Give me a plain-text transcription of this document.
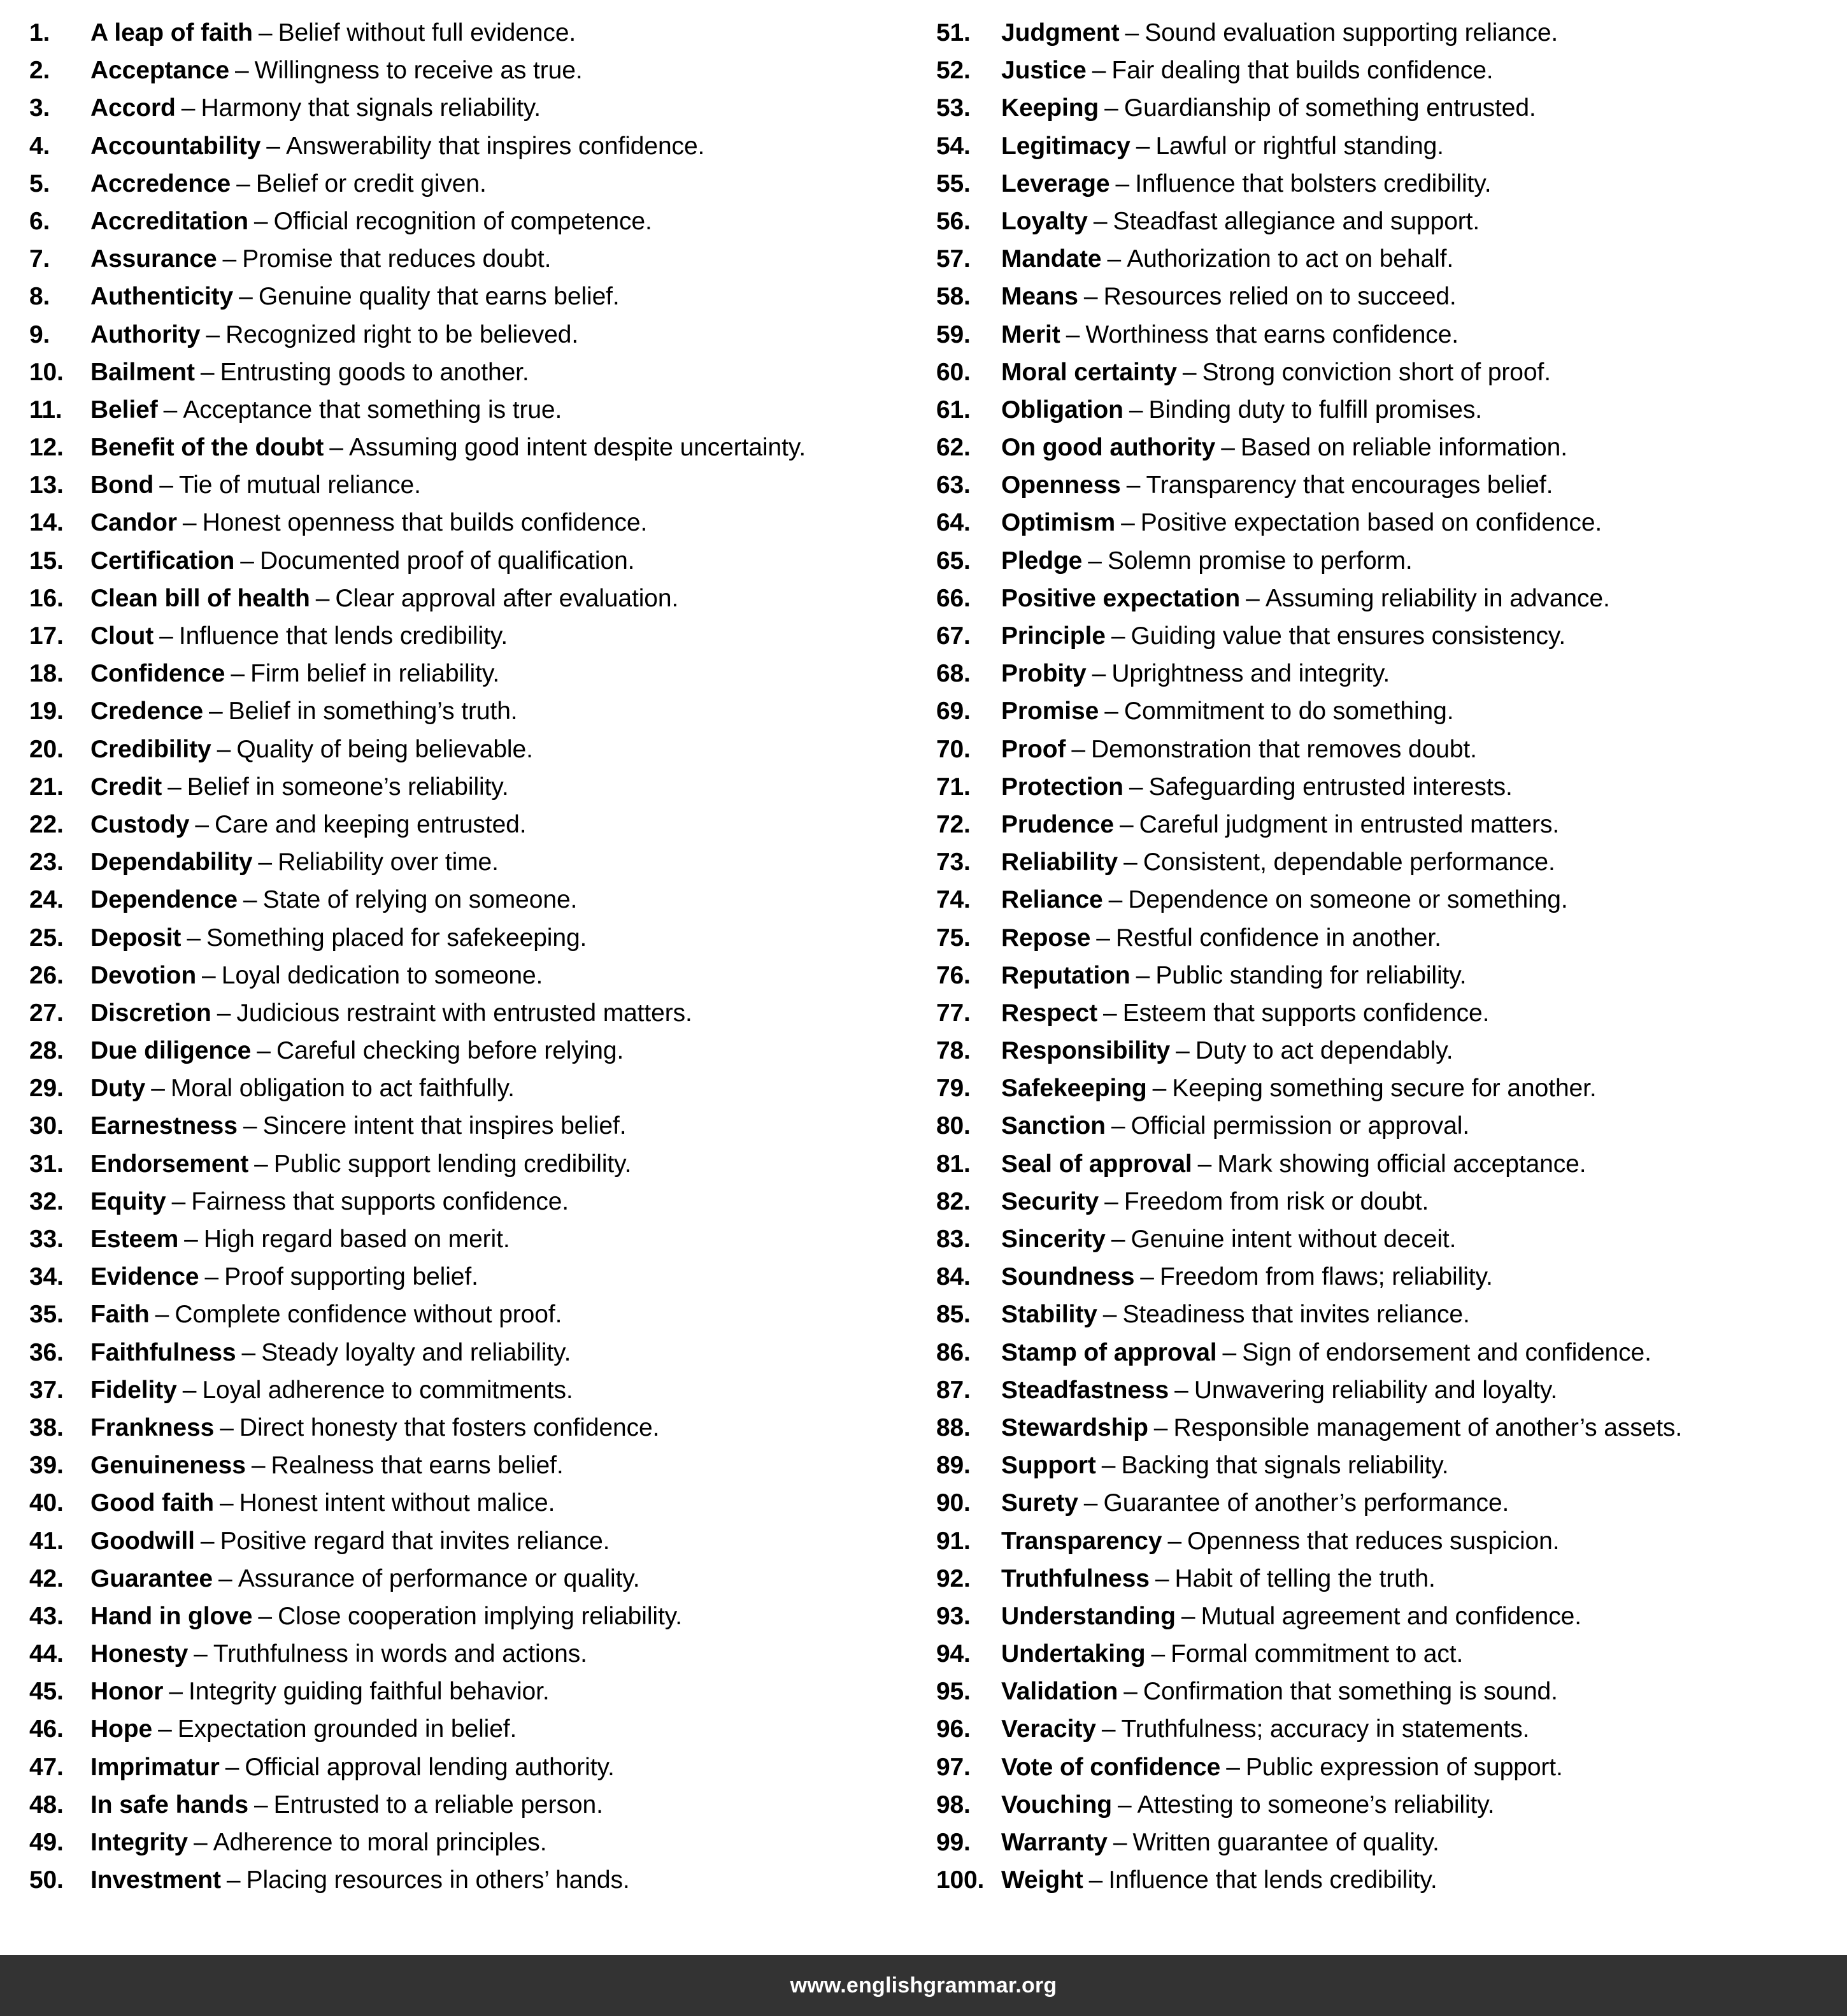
1.	A leap of faith – Belief without full evidence.
2.	Acceptance – Willingness to receive as true.
3.	Accord – Harmony that signals reliability.
4.	Accountability – Answerability that inspires confidence.
5.	Accredence – Belief or credit given.
6.	Accreditation – Official recognition of competence.
7.	Assurance – Promise that reduces doubt.
8.	Authenticity – Genuine quality that earns belief.
9.	Authority – Recognized right to be believed.
10.	Bailment – Entrusting goods to another.
11.	Belief – Acceptance that something is true.
12.	Benefit of the doubt – Assuming good intent despite uncertainty.
13.	Bond – Tie of mutual reliance.
14.	Candor – Honest openness that builds confidence.
15.	Certification – Documented proof of qualification.
16.	Clean bill of health – Clear approval after evaluation.
17.	Clout – Influence that lends credibility.
18.	Confidence – Firm belief in reliability.
19.	Credence – Belief in something’s truth.
20.	Credibility – Quality of being believable.
21.	Credit – Belief in someone’s reliability.
22.	Custody – Care and keeping entrusted.
23.	Dependability – Reliability over time.
24.	Dependence – State of relying on someone.
25.	Deposit – Something placed for safekeeping.
26.	Devotion – Loyal dedication to someone.
27.	Discretion – Judicious restraint with entrusted matters.
28.	Due diligence – Careful checking before relying.
29.	Duty – Moral obligation to act faithfully.
30.	Earnestness – Sincere intent that inspires belief.
31.	Endorsement – Public support lending credibility.
32.	Equity – Fairness that supports confidence.
33.	Esteem – High regard based on merit.
34.	Evidence – Proof supporting belief.
35.	Faith – Complete confidence without proof.
36.	Faithfulness – Steady loyalty and reliability.
37.	Fidelity – Loyal adherence to commitments.
38.	Frankness – Direct honesty that fosters confidence.
39.	Genuineness – Realness that earns belief.
40.	Good faith – Honest intent without malice.
41.	Goodwill – Positive regard that invites reliance.
42.	Guarantee – Assurance of performance or quality.
43.	Hand in glove – Close cooperation implying reliability.
44.	Honesty – Truthfulness in words and actions.
45.	Honor – Integrity guiding faithful behavior.
46.	Hope – Expectation grounded in belief.
47.	Imprimatur – Official approval lending authority.
48.	In safe hands – Entrusted to a reliable person.
49.	Integrity – Adherence to moral principles.
50.	Investment – Placing resources in others’ hands.
51.	Judgment – Sound evaluation supporting reliance.
52.	Justice – Fair dealing that builds confidence.
53.	Keeping – Guardianship of something entrusted.
54.	Legitimacy – Lawful or rightful standing.
55.	Leverage – Influence that bolsters credibility.
56.	Loyalty – Steadfast allegiance and support.
57.	Mandate – Authorization to act on behalf.
58.	Means – Resources relied on to succeed.
59.	Merit – Worthiness that earns confidence.
60.	Moral certainty – Strong conviction short of proof.
61.	Obligation – Binding duty to fulfill promises.
62.	On good authority – Based on reliable information.
63.	Openness – Transparency that encourages belief.
64.	Optimism – Positive expectation based on confidence.
65.	Pledge – Solemn promise to perform.
66.	Positive expectation – Assuming reliability in advance.
67.	Principle – Guiding value that ensures consistency.
68.	Probity – Uprightness and integrity.
69.	Promise – Commitment to do something.
70.	Proof – Demonstration that removes doubt.
71.	Protection – Safeguarding entrusted interests.
72.	Prudence – Careful judgment in entrusted matters.
73.	Reliability – Consistent, dependable performance.
74.	Reliance – Dependence on someone or something.
75.	Repose – Restful confidence in another.
76.	Reputation – Public standing for reliability.
77.	Respect – Esteem that supports confidence.
78.	Responsibility – Duty to act dependably.
79.	Safekeeping – Keeping something secure for another.
80.	Sanction – Official permission or approval.
81.	Seal of approval – Mark showing official acceptance.
82.	Security – Freedom from risk or doubt.
83.	Sincerity – Genuine intent without deceit.
84.	Soundness – Freedom from flaws; reliability.
85.	Stability – Steadiness that invites reliance.
86.	Stamp of approval – Sign of endorsement and confidence.
87.	Steadfastness – Unwavering reliability and loyalty.
88.	Stewardship – Responsible management of another’s assets.
89.	Support – Backing that signals reliability.
90.	Surety – Guarantee of another’s performance.
91.	Transparency – Openness that reduces suspicion.
92.	Truthfulness – Habit of telling the truth.
93.	Understanding – Mutual agreement and confidence.
94.	Undertaking – Formal commitment to act.
95.	Validation – Confirmation that something is sound.
96.	Veracity – Truthfulness; accuracy in statements.
97.	Vote of confidence – Public expression of support.
98.	Vouching – Attesting to someone’s reliability.
99.	Warranty – Written guarantee of quality.
100. Weight – Influence that lends credibility.
www.englishgrammar.org
